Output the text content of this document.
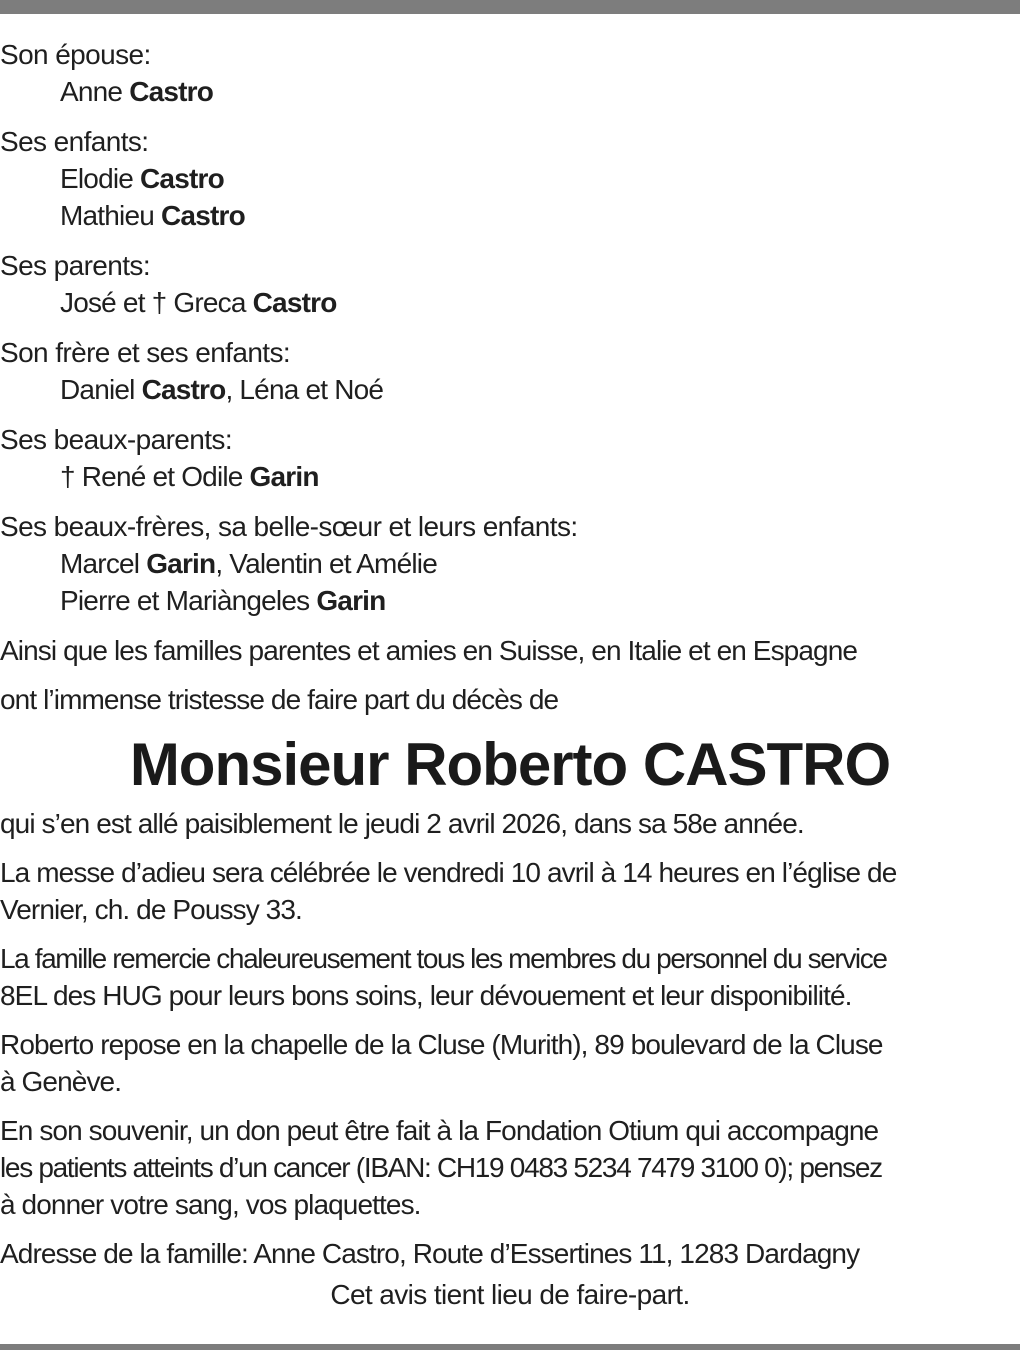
Son épouse:
Anne Castro
Ses enfants:
Elodie Castro
Mathieu Castro
Ses parents:
José et † Greca Castro
Son frère et ses enfants:
Daniel Castro, Léna et Noé
Ses beaux-parents:
† René et Odile Garin
Ses beaux-frères, sa belle-sœur et leurs enfants:
Marcel Garin, Valentin et Amélie
Pierre et Mariàngeles Garin
Ainsi que les familles parentes et amies en Suisse, en Italie et en Espagne
ont l’immense tristesse de faire part du décès de
Monsieur Roberto CASTRO
qui s’en est allé paisiblement le jeudi 2 avril 2026, dans sa 58e année.
La messe d’adieu sera célébrée le vendredi 10 avril à 14 heures en l’église de
Vernier, ch. de Poussy 33.
La famille remercie chaleureusement tous les membres du personnel du service
8EL des HUG pour leurs bons soins, leur dévouement et leur disponibilité.
Roberto repose en la chapelle de la Cluse (Murith), 89 boulevard de la Cluse
à Genève.
En son souvenir, un don peut être fait à la Fondation Otium qui accompagne
les patients atteints d’un cancer (IBAN: CH19 0483 5234 7479 3100 0); pensez
à donner votre sang, vos plaquettes.
Adresse de la famille: Anne Castro, Route d’Essertines 11, 1283 Dardagny
Cet avis tient lieu de faire-part.
